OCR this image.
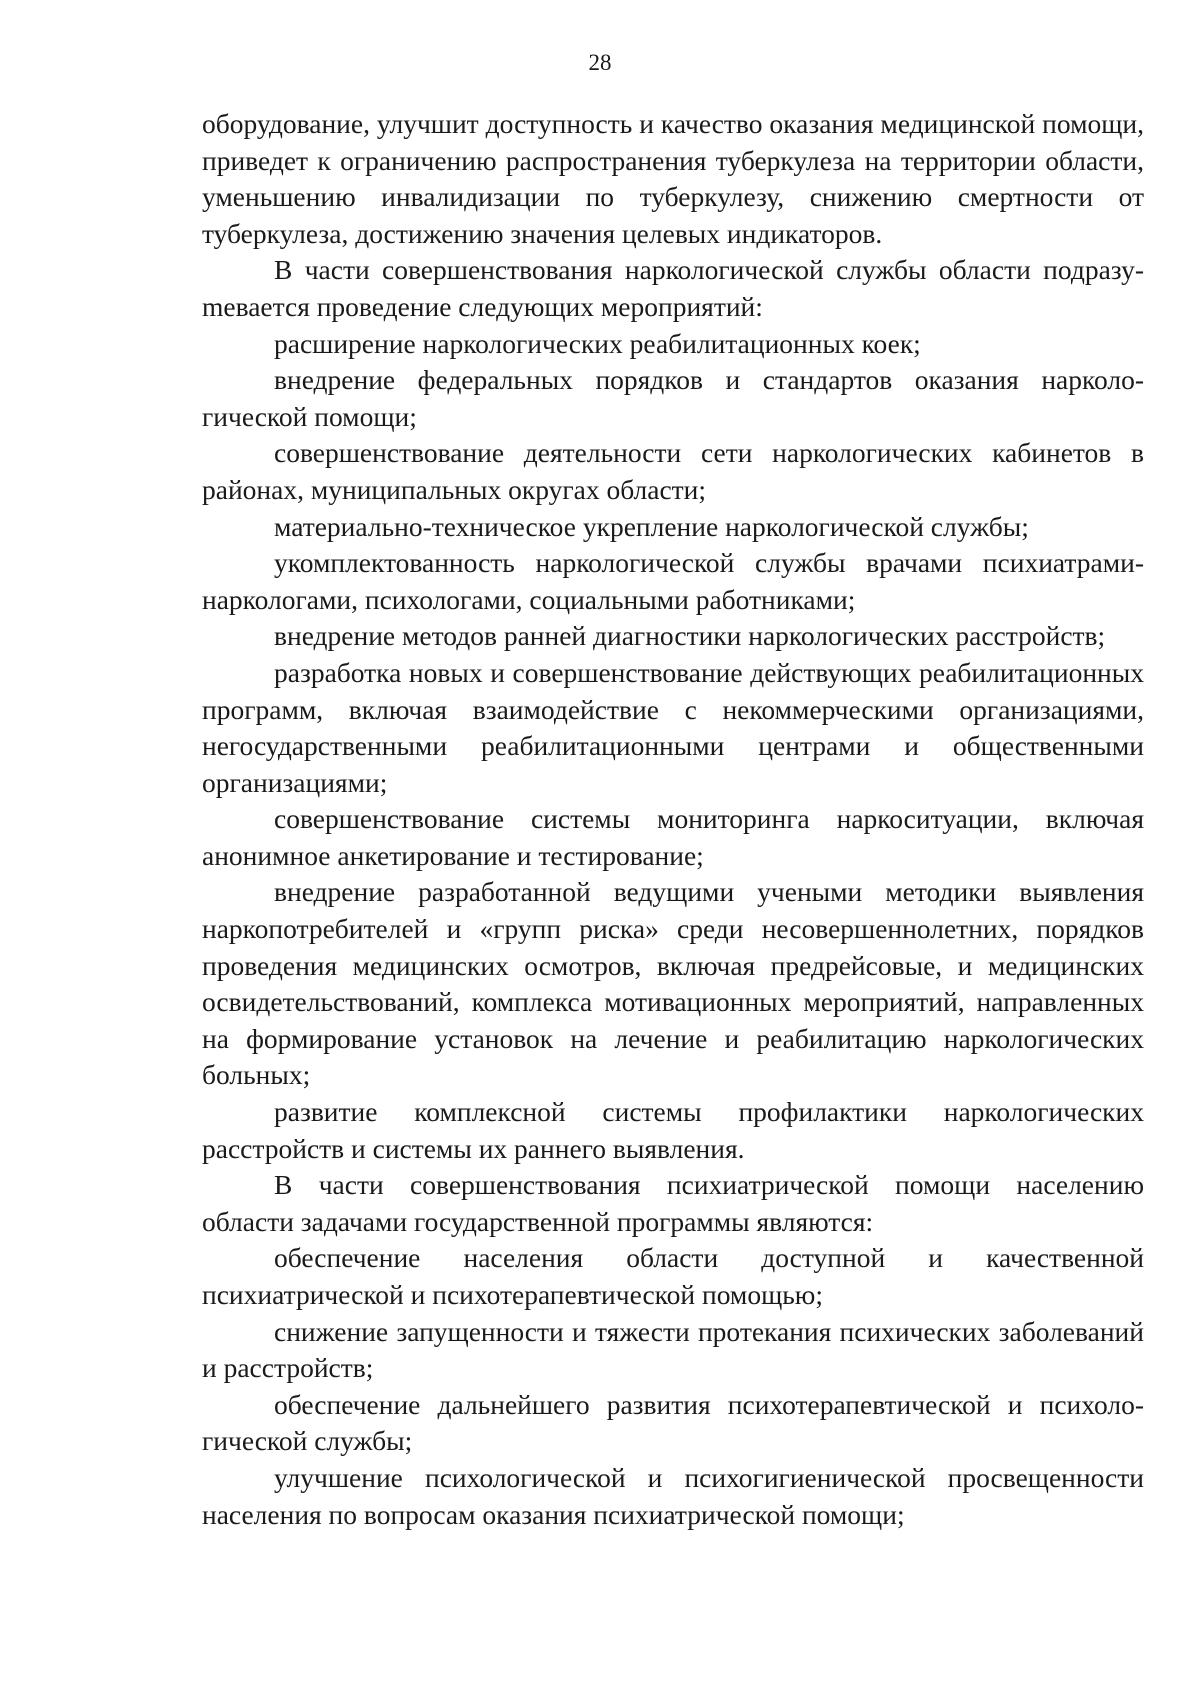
28

оборудование, улучшит доступность и качество оказания медицинской помощи, приведет к ограничению распространения туберкулеза на территории области, уменьшению инвалидизации по туберкулезу, снижению смертности от туберкулеза, достижению значения целевых индикаторов.

В части совершенствования наркологической службы области подразуmевается проведение следующих мероприятий:

расширение наркологических реабилитационных коек;

внедрение федеральных порядков и стандартов оказания наркологической помощи;

совершенствование деятельности сети наркологических кабинетов в районах, муниципальных округах области;

материально-техническое укрепление наркологической службы;

укомплектованность наркологической службы врачами психиатрами-наркологами, психологами, социальными работниками;

внедрение методов ранней диагностики наркологических расстройств;

разработка новых и совершенствование действующих реабилитационных программ, включая взаимодействие с некоммерческими организациями, негосударственными реабилитационными центрами и общественными организациями;

совершенствование системы мониторинга наркоситуации, включая анонимное анкетирование и тестирование;

внедрение разработанной ведущими учеными методики выявления наркопотребителей и «групп риска» среди несовершеннолетних, порядков проведения медицинских осмотров, включая предрейсовые, и медицинских освидетельствований, комплекса мотивационных мероприятий, направленных на формирование установок на лечение и реабилитацию наркологических больных;

развитие комплексной системы профилактики наркологических расстройств и системы их раннего выявления.

В части совершенствования психиатрической помощи населению области задачами государственной программы являются:

обеспечение населения области доступной и качественной психиатрической и психотерапевтической помощью;

снижение запущенности и тяжести протекания психических заболеваний и расстройств;

обеспечение дальнейшего развития психотерапевтической и психологической службы;

улучшение психологической и психогигиенической просвещенности населения по вопросам оказания психиатрической помощи;
